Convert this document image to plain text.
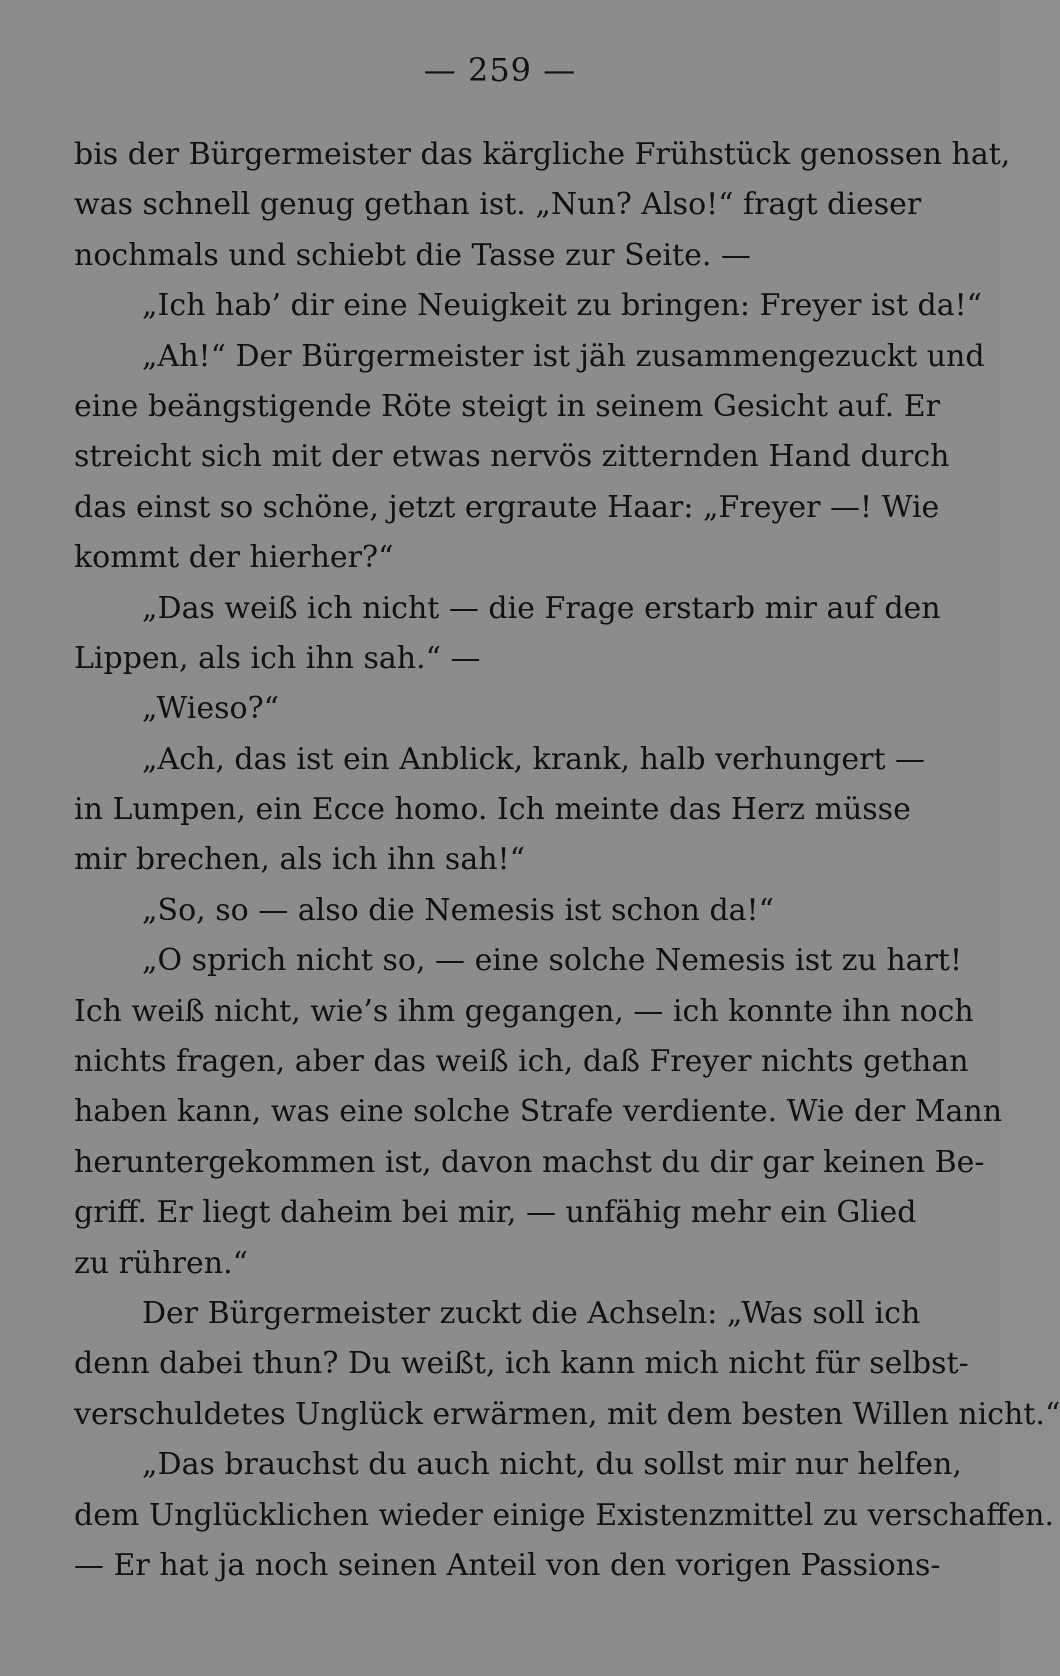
— 259 —
bis der Bürgermeister das kärgliche Frühstück genossen hat,
was schnell genug gethan ist. „Nun? Also!“ fragt dieser
nochmals und schiebt die Tasse zur Seite. —
„Ich hab’ dir eine Neuigkeit zu bringen: Freyer ist da!“
„Ah!“ Der Bürgermeister ist jäh zusammengezuckt und
eine beängstigende Röte steigt in seinem Gesicht auf. Er
streicht sich mit der etwas nervös zitternden Hand durch
das einst so schöne, jetzt ergraute Haar: „Freyer —! Wie
kommt der hierher?“
„Das weiß ich nicht — die Frage erstarb mir auf den
Lippen, als ich ihn sah.“ —
„Wieso?“
„Ach, das ist ein Anblick, krank, halb verhungert —
in Lumpen, ein Ecce homo. Ich meinte das Herz müsse
mir brechen, als ich ihn sah!“
„So, so — also die Nemesis ist schon da!“
„O sprich nicht so, — eine solche Nemesis ist zu hart!
Ich weiß nicht, wie’s ihm gegangen, — ich konnte ihn noch
nichts fragen, aber das weiß ich, daß Freyer nichts gethan
haben kann, was eine solche Strafe verdiente. Wie der Mann
heruntergekommen ist, davon machst du dir gar keinen Be-
griff. Er liegt daheim bei mir, — unfähig mehr ein Glied
zu rühren.“
Der Bürgermeister zuckt die Achseln: „Was soll ich
denn dabei thun? Du weißt, ich kann mich nicht für selbst-
verschuldetes Unglück erwärmen, mit dem besten Willen nicht.“
„Das brauchst du auch nicht, du sollst mir nur helfen,
dem Unglücklichen wieder einige Existenzmittel zu verschaffen.
— Er hat ja noch seinen Anteil von den vorigen Passions-
